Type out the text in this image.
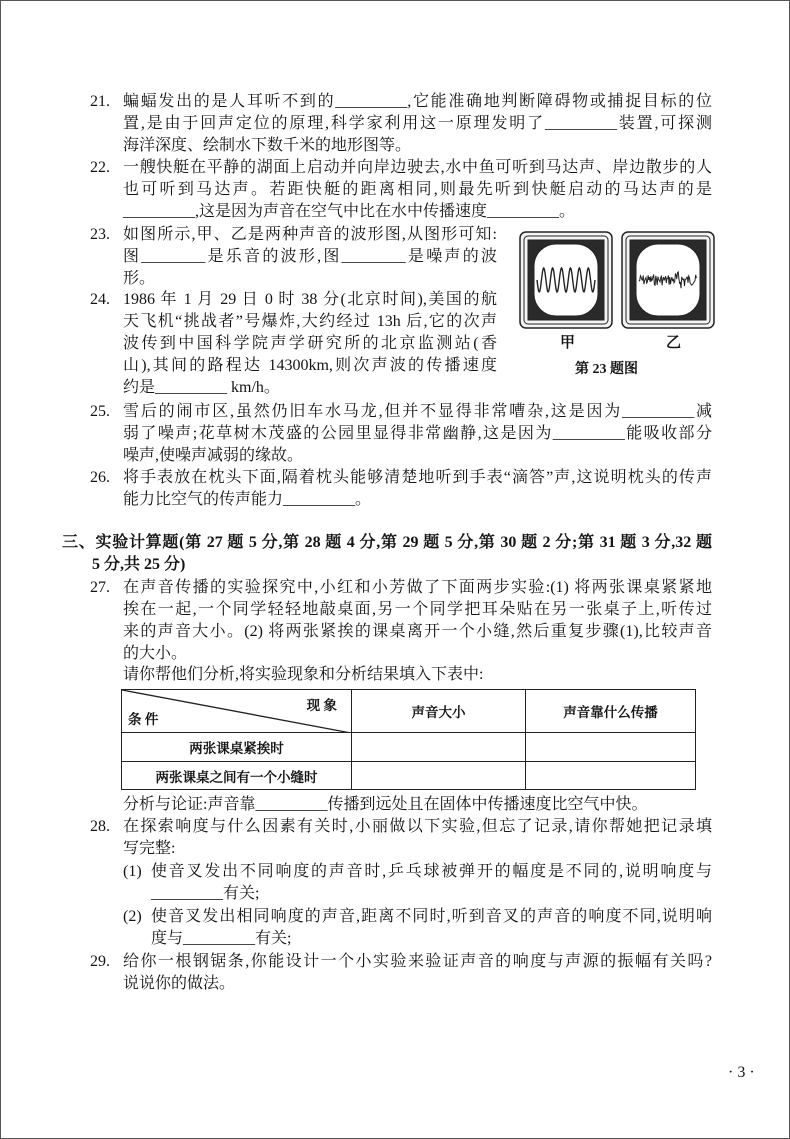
21. 蝙蝠发出的是人耳听不到的_________,它能准确地判断障碍物或捕捉目标的位
置,是由于回声定位的原理,科学家利用这一原理发明了_________装置,可探测
海洋深度、绘制水下数千米的地形图等。
22. 一艘快艇在平静的湖面上启动并向岸边驶去,水中鱼可听到马达声、岸边散步的人
也可听到马达声。若距快艇的距离相同,则最先听到快艇启动的马达声的是
_________,这是因为声音在空气中比在水中传播速度_________。
23. 如图所示,甲、乙是两种声音的波形图,从图形可知:
图________是乐音的波形,图________是噪声的波
形。
24. 1986 年 1 月 29 日 0 时 38 分(北京时间),美国的航
天飞机“挑战者”号爆炸,大约经过 13h 后,它的次声
波传到中国科学院声学研究所的北京监测站(香
山),其间的路程达 14300km,则次声波的传播速度
约是_________ km/h。
25. 雪后的闹市区,虽然仍旧车水马龙,但并不显得非常嘈杂,这是因为_________减
弱了噪声;花草树木茂盛的公园里显得非常幽静,这是因为_________能吸收部分
噪声,使噪声减弱的缘故。
26. 将手表放在枕头下面,隔着枕头能够清楚地听到手表“滴答”声,这说明枕头的传声
能力比空气的传声能力_________。
三、实验计算题(第 27 题 5 分,第 28 题 4 分,第 29 题 5 分,第 30 题 2 分;第 31 题 3 分,32 题
5 分,共 25 分)
27. 在声音传播的实验探究中,小红和小芳做了下面两步实验:(1) 将两张课桌紧紧地
挨在一起,一个同学轻轻地敲桌面,另一个同学把耳朵贴在另一张桌子上,听传过
来的声音大小。(2) 将两张紧挨的课桌离开一个小缝,然后重复步骤(1),比较声音
的大小。
请你帮他们分析,将实验现象和分析结果填入下表中:
现 象
条 件	声音大小	声音靠什么传播
两张课桌紧挨时		
两张课桌之间有一个小缝时		
分析与论证:声音靠_________传播到远处且在固体中传播速度比空气中快。
28. 在探索响度与什么因素有关时,小丽做以下实验,但忘了记录,请你帮她把记录填
写完整:
(1) 使音叉发出不同响度的声音时,乒乓球被弹开的幅度是不同的,说明响度与
_________有关;
(2) 使音叉发出相同响度的声音,距离不同时,听到音叉的声音的响度不同,说明响
度与_________有关;
29. 给你一根钢锯条,你能设计一个小实验来验证声音的响度与声源的振幅有关吗?
说说你的做法。
甲	乙
第 23 题图
· 3 ·
